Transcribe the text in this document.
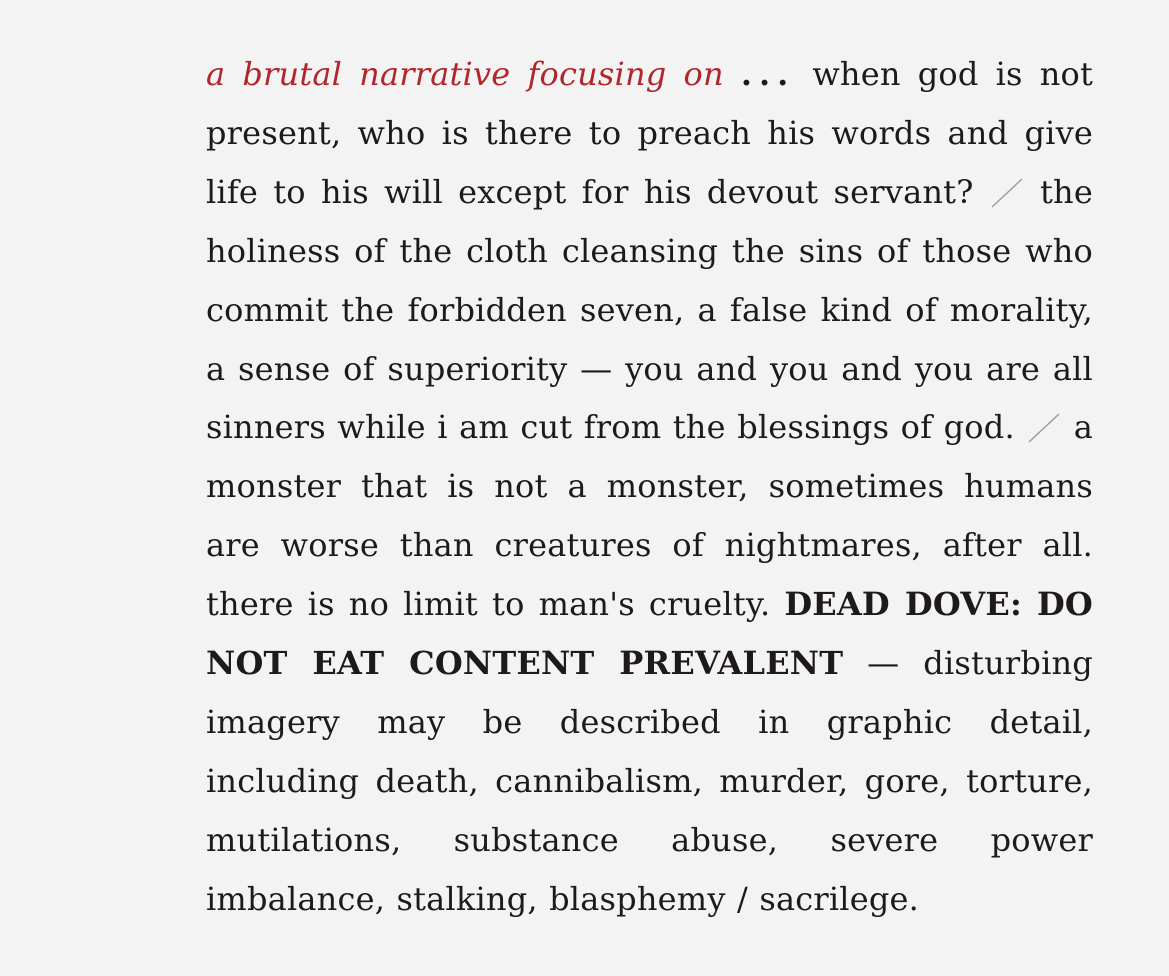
a brutal narrative focusing on ... when god is not present, who is there to preach his words and give life to his will except for his devout servant? the holiness of the cloth cleansing the sins of those who commit the forbidden seven, a false kind of morality, a sense of superiority — you and you and you are all sinners while i am cut from the blessings of god. a monster that is not a monster, sometimes humans are worse than creatures of nightmares, after all. there is no limit to man's cruelty. DEAD DOVE: DO NOT EAT CONTENT PREVALENT — disturbing imagery may be described in graphic detail, including death, cannibalism, murder, gore, torture, mutilations, substance abuse, severe power imbalance, stalking, blasphemy / sacrilege.
